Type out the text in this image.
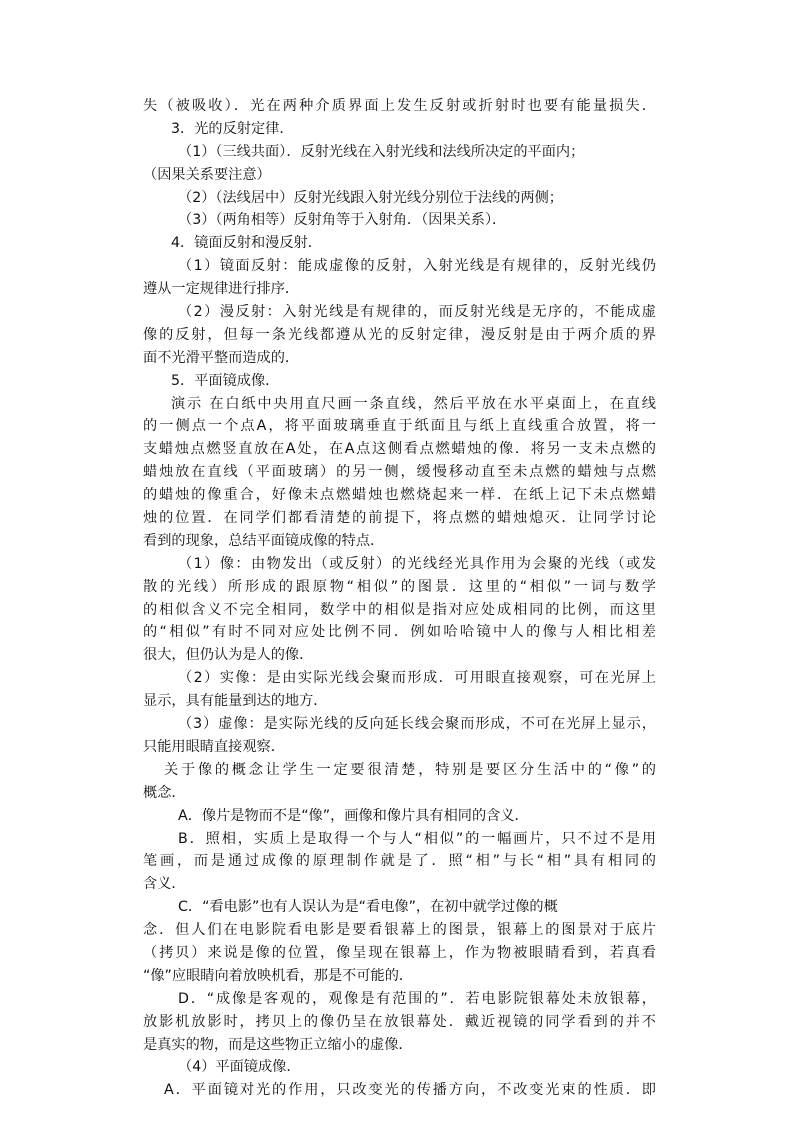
失（被吸收）．光在两种介质界面上发生反射或折射时也要有能量损失．
3．光的反射定律．
（1）（三线共面）．反射光线在入射光线和法线所决定的平面内；
（因果关系要注意）
（2）（法线居中）反射光线跟入射光线分别位于法线的两侧；
（3）（两角相等）反射角等于入射角．（因果关系）．
4．镜面反射和漫反射．
（1）镜面反射：能成虚像的反射，入射光线是有规律的，反射光线仍
遵从一定规律进行排序．
（2）漫反射：入射光线是有规律的，而反射光线是无序的，不能成虚
像的反射，但每一条光线都遵从光的反射定律，漫反射是由于两介质的界
面不光滑平整而造成的．
5．平面镜成像．
演示 在白纸中央用直尺画一条直线，然后平放在水平桌面上，在直线
的一侧点一个点A，将平面玻璃垂直于纸面且与纸上直线重合放置，将一
支蜡烛点燃竖直放在A处，在A点这侧看点燃蜡烛的像．将另一支未点燃的
蜡烛放在直线（平面玻璃）的另一侧，缓慢移动直至未点燃的蜡烛与点燃
的蜡烛的像重合，好像未点燃蜡烛也燃烧起来一样．在纸上记下未点燃蜡
烛的位置．在同学们都看清楚的前提下，将点燃的蜡烛熄灭．让同学讨论
看到的现象，总结平面镜成像的特点．
（1）像：由物发出（或反射）的光线经光具作用为会聚的光线（或发
散的光线）所形成的跟原物“相似”的图景．这里的“相似”一词与数学
的相似含义不完全相同，数学中的相似是指对应处成相同的比例，而这里
的“相似”有时不同对应处比例不同．例如哈哈镜中人的像与人相比相差
很大，但仍认为是人的像．
（2）实像：是由实际光线会聚而形成．可用眼直接观察，可在光屏上
显示，具有能量到达的地方．
（3）虚像：是实际光线的反向延长线会聚而形成，不可在光屏上显示，
只能用眼睛直接观察．
关于像的概念让学生一定要很清楚，特别是要区分生活中的“像”的
概念．
A．像片是物而不是“像”，画像和像片具有相同的含义．
B．照相，实质上是取得一个与人“相似”的一幅画片，只不过不是用
笔画，而是通过成像的原理制作就是了．照“相”与长“相”具有相同的
含义．
C．“看电影”也有人误认为是“看电像”，在初中就学过像的概
念．但人们在电影院看电影是要看银幕上的图景，银幕上的图景对于底片
（拷贝）来说是像的位置，像呈现在银幕上，作为物被眼睛看到，若真看
“像”应眼睛向着放映机看，那是不可能的．
D．“成像是客观的，观像是有范围的”．若电影院银幕处未放银幕，
放影机放影时，拷贝上的像仍呈在放银幕处．戴近视镜的同学看到的并不
是真实的物，而是这些物正立缩小的虚像．
（4）平面镜成像．
A．平面镜对光的作用，只改变光的传播方向，不改变光束的性质．即
